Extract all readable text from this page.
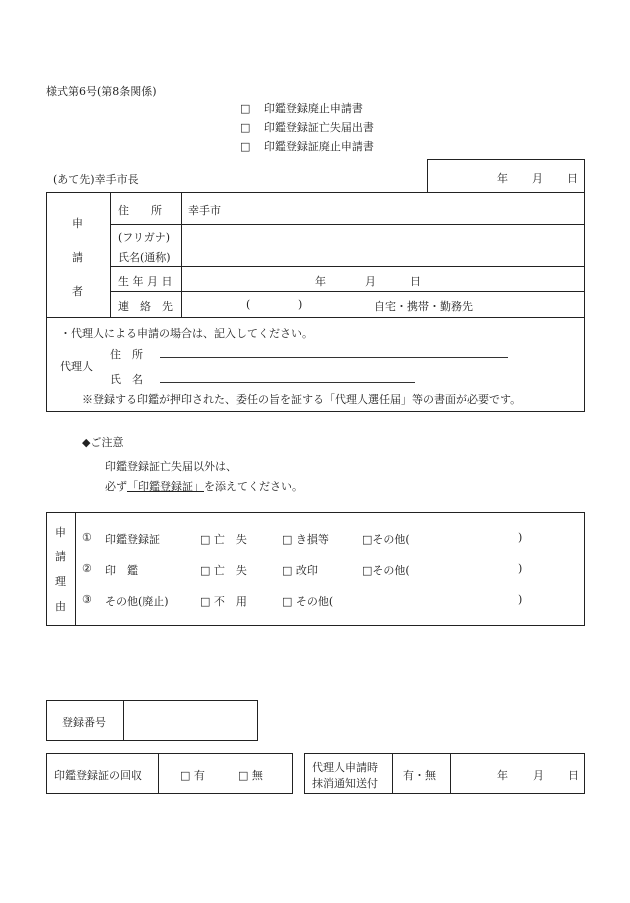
様式第6号(第8条関係)
□ 印鑑登録廃止申請書
□ 印鑑登録証亡失届出書
□ 印鑑登録証廃止申請書
(あて先)幸手市長	年 月 日
申
請
者
住　　所 幸手市
(フリガナ)
氏名(通称)
生 年 月 日	年	月	日
連　絡　先	(	)	自宅・携帯・勤務先
・代理人による申請の場合は、記入してください。
代理人
住　所
氏　名
※登録する印鑑が押印された、委任の旨を証する「代理人選任届」等の書面が必要です。
◆ご注意
印鑑登録証亡失届以外は、
必ず「印鑑登録証」を添えてください。
申
請
理
由
① 印鑑登録証	□ 亡　失	□ き損等	□その他(	)
② 印　鑑	□ 亡　失	□ 改印	□その他(	)
③ その他(廃止)	□ 不　用	□ その他(	)
登録番号
印鑑登録証の回収	□ 有	□ 無
代理人申請時
抹消通知送付
有・無	年 月 日
